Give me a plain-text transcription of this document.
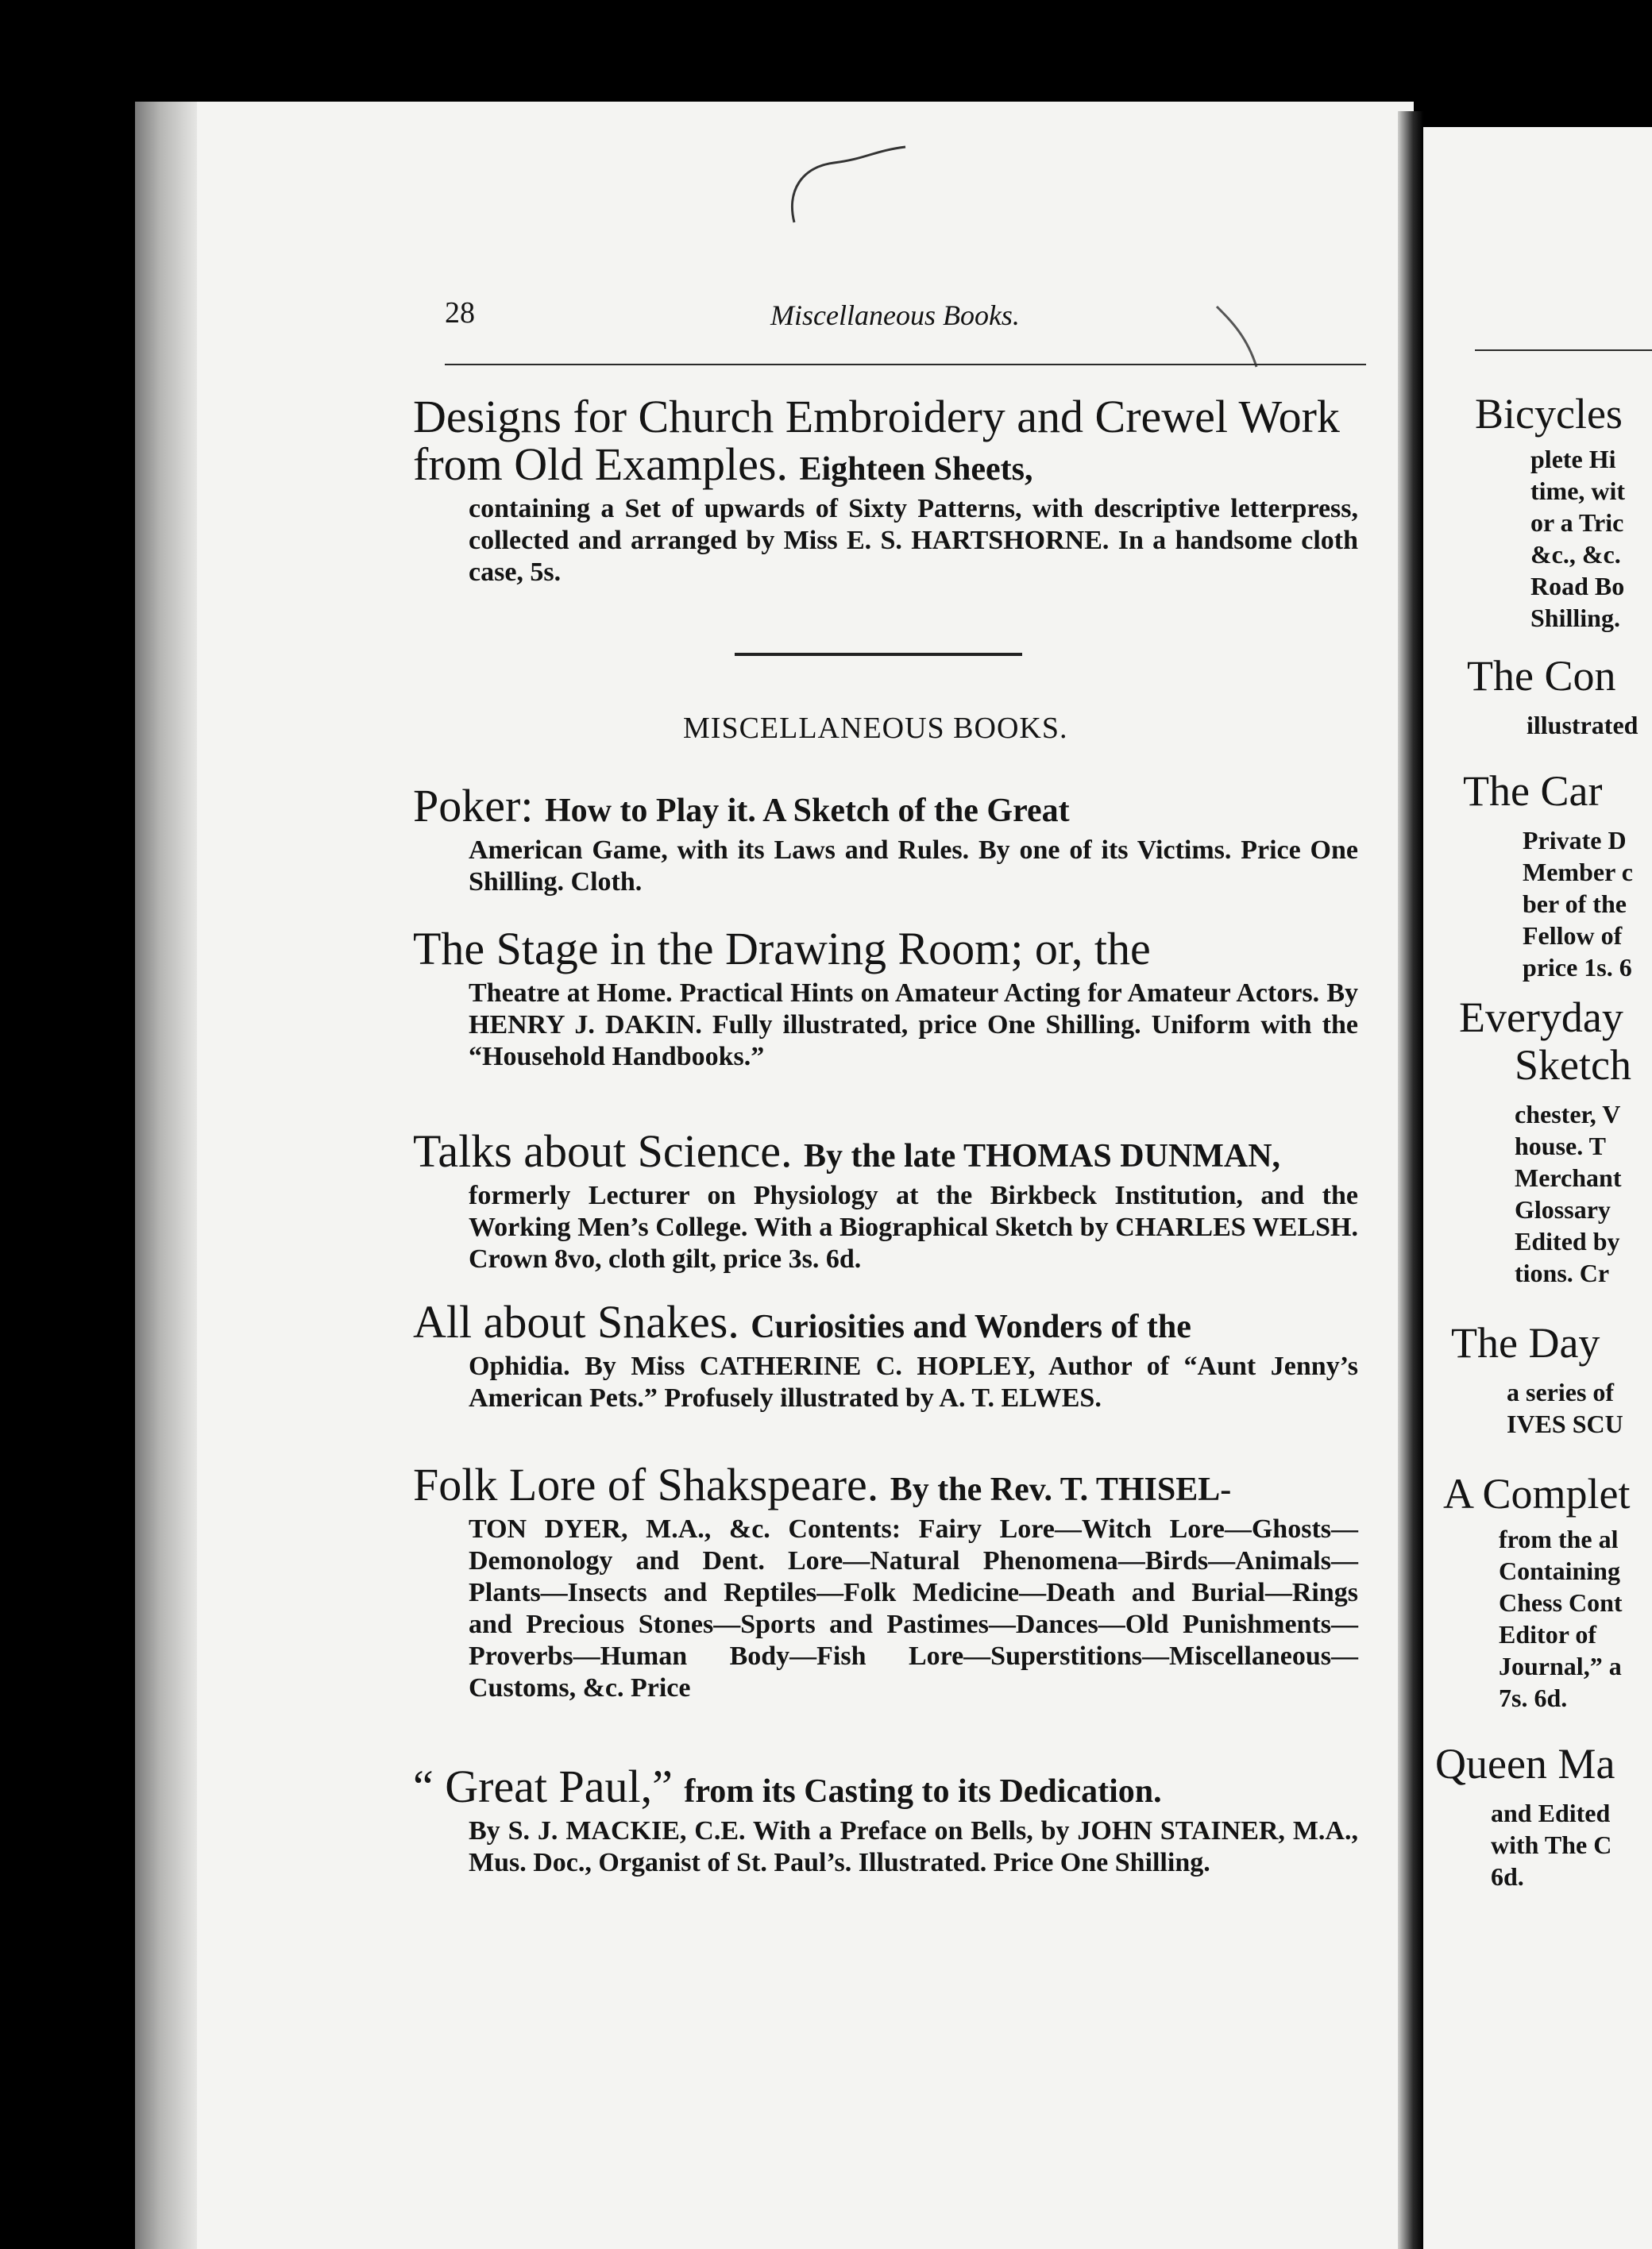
28	Miscellaneous Books.
Designs for Church Embroidery and Crewel Work from Old Examples. Eighteen Sheets,
containing a Set of upwards of Sixty Patterns, with descriptive letterpress, collected and arranged by Miss E. S. HARTSHORNE. In a handsome cloth case, 5s.
MISCELLANEOUS BOOKS.
Poker: How to Play it. A Sketch of the Great
American Game, with its Laws and Rules. By one of its Victims. Price One Shilling. Cloth.
The Stage in the Drawing Room; or, the
Theatre at Home. Practical Hints on Amateur Acting for Amateur Actors. By HENRY J. DAKIN. Fully illustrated, price One Shilling. Uniform with the “Household Handbooks.”
Talks about Science. By the late THOMAS DUNMAN,
formerly Lecturer on Physiology at the Birkbeck Institution, and the Working Men’s College. With a Biographical Sketch by CHARLES WELSH. Crown 8vo, cloth gilt, price 3s. 6d.
All about Snakes. Curiosities and Wonders of the
Ophidia. By Miss CATHERINE C. HOPLEY, Author of “Aunt Jenny’s American Pets.” Profusely illustrated by A. T. ELWES.
Folk Lore of Shakspeare. By the Rev. T. THISEL-
TON DYER, M.A., &c. Contents: Fairy Lore—Witch Lore—Ghosts—Demonology and Dent. Lore—Natural Phenomena—Birds—Animals—Plants—Insects and Reptiles—Folk Medicine—Death and Burial—Rings and Precious Stones—Sports and Pastimes—Dances—Old Punishments—Proverbs—Human Body—Fish Lore—Superstitions—Miscellaneous—Customs, &c. Price
“ Great Paul,” from its Casting to its Dedication.
By S. J. MACKIE, C.E. With a Preface on Bells, by JOHN STAINER, M.A., Mus. Doc., Organist of St. Paul’s. Illustrated. Price One Shilling.
Bicycles
plete Hi
time, wit
or a Tric
&c., &c.
Road Bo
Shilling.
The Con
illustrated
The Car
Private D
Member c
ber of the
Fellow of
price 1s. 6
Everyday
Sketch
chester, V
house. T
Merchant
Glossary
Edited by
tions. Cr
The Day
a series of
IVES SCU
A Complet
from the al
Containing
Chess Cont
Editor of
Journal,” a
7s. 6d.
Queen Ma
and Edited
with The C
6d.
